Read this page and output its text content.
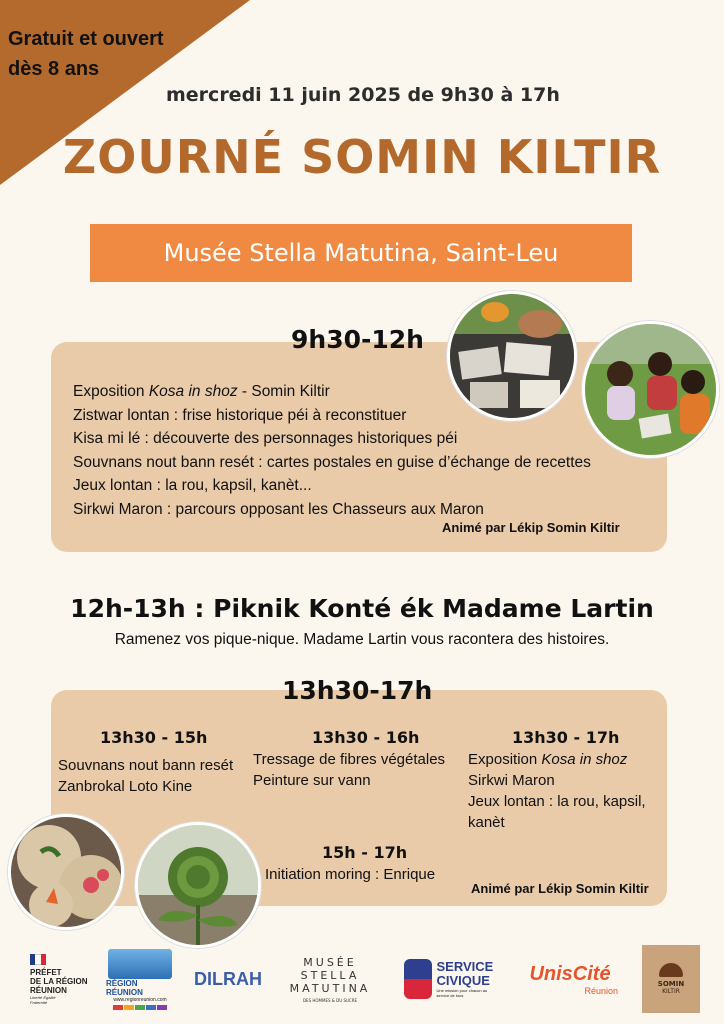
Gratuit et ouvert
dès 8 ans
mercredi 11 juin 2025 de 9h30 à 17h
ZOURNÉ SOMIN KILTIR
Musée Stella Matutina, Saint-Leu
9h30-12h
Exposition Kosa in shoz - Somin Kiltir
Zistwar lontan : frise historique péi à reconstituer
Kisa mi lé : découverte des personnages historiques péi
Souvnans nout bann resét : cartes postales en guise d’échange de recettes
Jeux lontan : la rou, kapsil, kanèt...
Sirkwi Maron : parcours opposant les Chasseurs aux Maron
Animé par Lékip Somin Kiltir
12h-13h : Piknik Konté ék Madame Lartin
Ramenez vos pique-nique. Madame Lartin vous racontera des histoires.
13h30-17h
13h30 - 15h
Souvnans nout bann resét
Zanbrokal Loto Kine
13h30 - 16h
Tressage de fibres végétales
Peinture sur vann
13h30 - 17h
Exposition Kosa in shoz
Sirkwi Maron
Jeux lontan : la rou, kapsil,
kanèt
15h - 17h
Initiation moring : Enrique
Animé par Lékip Somin Kiltir
PRÉFET
DE LA RÉGION
RÉUNION
Liberté Égalité Fraternité
RÉGION RÉUNION
www.regionreunion.com
DILRAH
MUSÉE
STELLA
MATUTINA
DES HOMMES & DU SUCRE
SERVICE
CIVIQUE
Une mission pour chacun au service de tous
UnisCité
Réunion
SOMIN
KILTIR
